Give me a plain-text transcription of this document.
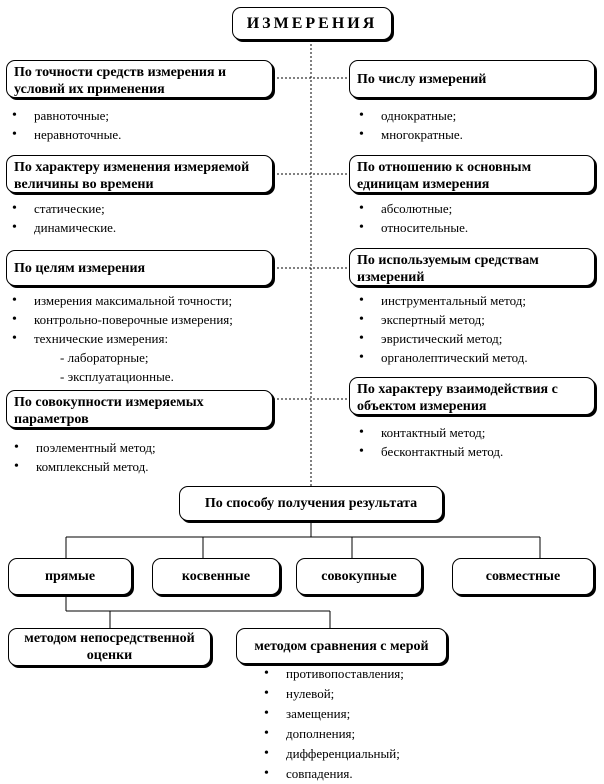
ИЗМЕРЕНИЯ
По точности средств измерения и условий их применения
• равноточные;
• неравноточные.
По характеру изменения измеряемой величины во времени
• статические;
• динамические.
По целям измерения
• измерения максимальной точности;
• контрольно-поверочные измерения;
• технические измерения:
- лабораторные;
- эксплуатационные.
По совокупности измеряемых параметров
• поэлементный метод;
• комплексный метод.
По числу измерений
• однократные;
• многократные.
По отношению к основным единицам измерения
• абсолютные;
• относительные.
По используемым средствам измерений
• инструментальный метод;
• экспертный метод;
• эвристический метод;
• органолептический метод.
По характеру взаимодействия с объектом измерения
• контактный метод;
• бесконтактный метод.
По способу получения результата
прямые	косвенные	совокупные	совместные
методом непосредственной оценки
методом сравнения с мерой
• противопоставления;
• нулевой;
• замещения;
• дополнения;
• дифференциальный;
• совпадения.
